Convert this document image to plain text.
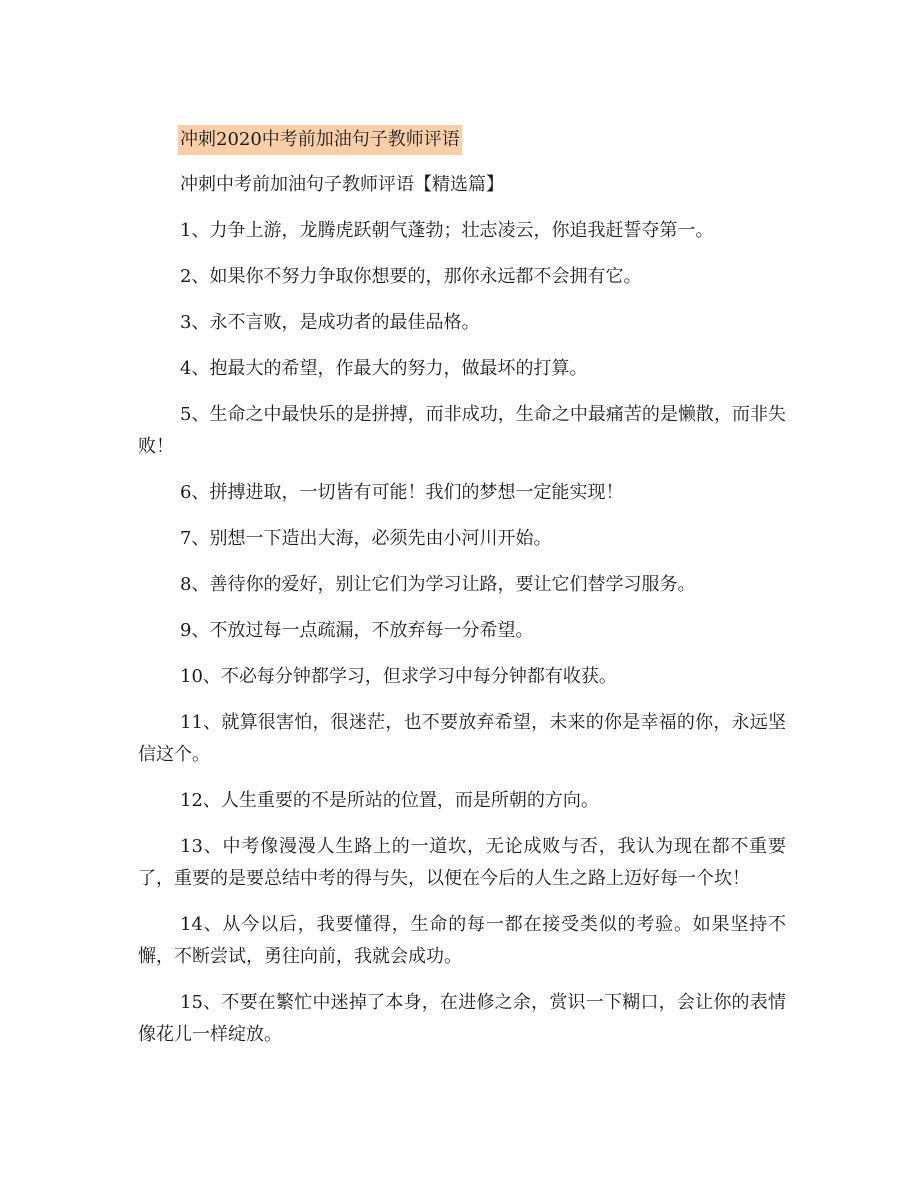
冲刺2020中考前加油句子教师评语
冲刺中考前加油句子教师评语【精选篇】
1、力争上游，龙腾虎跃朝气蓬勃；壮志凌云，你追我赶誓夺第一。
2、如果你不努力争取你想要的，那你永远都不会拥有它。
3、永不言败，是成功者的最佳品格。
4、抱最大的希望，作最大的努力，做最坏的打算。
5、生命之中最快乐的是拼搏，而非成功，生命之中最痛苦的是懒散，而非失败！
6、拼搏进取，一切皆有可能！我们的梦想一定能实现！
7、别想一下造出大海，必须先由小河川开始。
8、善待你的爱好，别让它们为学习让路，要让它们替学习服务。
9、不放过每一点疏漏，不放弃每一分希望。
10、不必每分钟都学习，但求学习中每分钟都有收获。
11、就算很害怕，很迷茫，也不要放弃希望，未来的你是幸福的你，永远坚信这个。
12、人生重要的不是所站的位置，而是所朝的方向。
13、中考像漫漫人生路上的一道坎，无论成败与否，我认为现在都不重要了，重要的是要总结中考的得与失，以便在今后的人生之路上迈好每一个坎！
14、从今以后，我要懂得，生命的每一都在接受类似的考验。如果坚持不懈，不断尝试，勇往向前，我就会成功。
15、不要在繁忙中迷掉了本身，在进修之余，赏识一下糊口，会让你的表情像花儿一样绽放。
